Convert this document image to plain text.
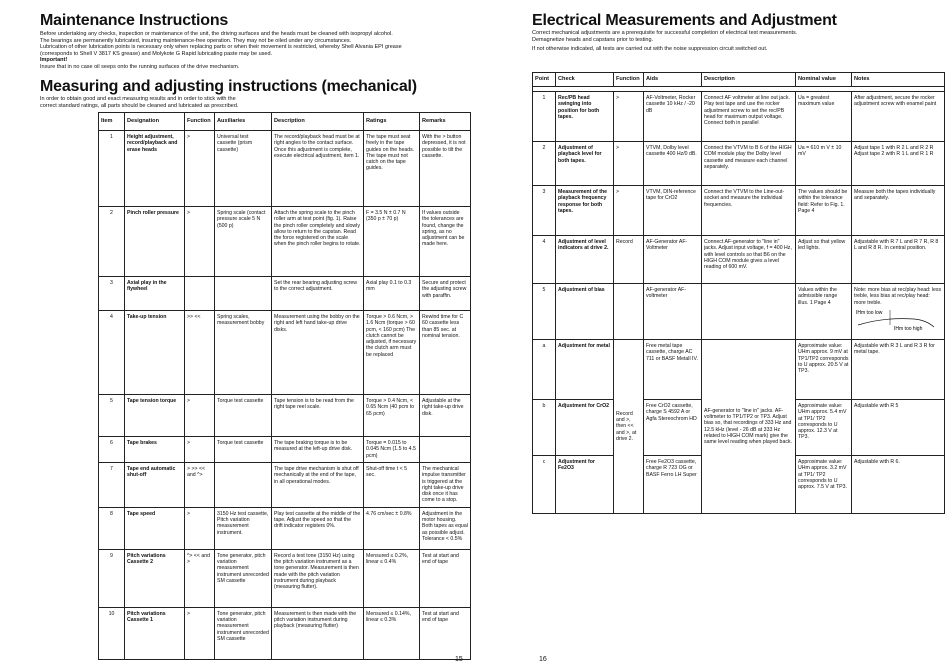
Maintenance Instructions

Before undertaking any checks, inspection or maintenance of the unit, the driving surfaces and the heads must be cleaned with isopropyl alcohol.

The bearings are permanently lubricated, insuring maintenance-free operation. They may not be oiled under any circumstances.

Lubrication of other lubrication points is necessary only when replacing parts or when their movement is restricted, whereby Shell Alvania EPI grease

(corresponds to Shell V 3817 KS grease) and Molykote G Rapid lubricating paste may be used.

Important!

Insure that in no case oil seeps onto the running surfaces of the drive mechanism.

Measuring and adjusting instructions (mechanical)

In order to obtain good and exact measuring results and in order to stick with the

correct standard ratings, all parts should be cleaned and lubricated as prescribed.

Item	Designation	Function	Auxiliaries	Description	Ratings	Remarks
1	Height adjustment, record/playback and erase heads	>	Universal test cassette (prism cassette)	The record/playback head must be at right angles to the contact surface. Once this adjustment is complete, execute electrical adjustment, item 1.	The tape must seat freely in the tape guides on the heads. The tape must not catch on the tape guides.	With the > button depressed, it is not possible to tilt the cassette.
2	Pinch roller pressure	>	Spring scale (contact pressure scale 5 N (500 p)	Attach the spring scale to the pinch roller arm at test point (fig. 1). Raise the pinch roller completely and slowly allow to return to the capstan. Read the force registered on the scale when the pinch roller begins to rotate.	F = 3.5 N ± 0.7 N (350 p ± 70 p)	If values outside the tolerances are found, change the spring, as no adjustment can be made here.
3	Axial play in the flywheel			Set the rear bearing adjusting screw to the correct adjustment.	Axial play 0.1 to 0.3 mm	Secure and protect the adjusting screw with paraffin.
4	Take-up tension	>> <<	Spring scales, measurement bobby	Measurement using the bobby on the right and left hand take-up drive disks.	Torque > 0.6 Ncm, > 1.6 Ncm (torque > 60 pcm, < 160 pcm) The clutch cannot be adjusted, if necessary the clutch arm must be replaced	Rewind time for C 60 cassette less than 85 sec. at nominal tension.
5	Tape tension torque	>	Torque test cassette	Tape tension is to be read from the right tape reel scale.	Torque > 0.4 Ncm, < 0.65 Ncm (40 pcm to 65 pcm)	Adjustable at the right take-up drive disk.
6	Tape brakes	>	Torque test cassette	The tape braking torque is to be measured at the left-up drive disk.	Torque = 0.015 to 0.045 Ncm (1.5 to 4.5 pcm)	
7	Tape end automatic shut-off	> >> << and ^>		The tape drive mechanism is shut off mechanically at the end of the tape, in all operational modes.	Shut-off time t < 5 sec.	The mechanical impulse transmitter is triggered at the right take-up drive disk once it has come to a stop.
8	Tape speed	>	3150 Hz test cassette, Pitch variation measurement instrument.	Play test cassette at the middle of the tape. Adjust the speed so that the drift indicator registers 0%.	4.76 cm/sec ± 0.8%	Adjustment in the motor housing. Both tapes as equal as possible adjust. Tolerance < 0.5%
9	Pitch variations Cassette 2	^> << and >	Tone generator, pitch variation measurement instrument unrecorded SM cassette	Record a test tone (3150 Hz) using the pitch variation instrument as a tone generator. Measurement is then made with the pitch variation instrument during playback (measuring flutter).	Mensured ≤ 0.2%, linear ≤ 0.4%	Test at start and end of tape
10	Pitch variations Cassette 1	>	Tone generator, pitch variation measurement instrument unrecorded SM cassette	Measurement is then made with the pitch variation instrument during playback (measuring flutter)	Mensured ≤ 0.14%, linear ≤ 0.3%	Test at start and end of tape
15
Electrical Measurements and Adjustment

Correct mechanical adjustments are a prerequisite for successful completion of electrical test measurements.

Demagnetize heads and capstans prior to testing.

If not otherwise indicated, all tests are carried out with the noise suppression circuit switched out.

Point	Check	Function	Aids	Description	Nominal value	Notes

1	Rec/PB head swinging into position for both tapes.	>	AF-Voltmeter, Rocker cassette 10 kHz / -20 dB	Connect AF voltmeter at line out jack. Play test tape and use the rocker adjustment screw to set the rec/PB head for maximum output voltage. Connect both in parallel	Ua = greatest maximum value	After adjustment, secure the rocker adjustment screw with enamel paint
2	Adjustment of playback level for both tapes.	>	VTVM, Dolby level cassette 400 Hz/0 dB.	Connect the VTVM to B 6 of the HIGH COM module play the Dolby level cassette and measure each channel separately.	Ua = 610 m V ± 10 mV	Adjust tape 1 with R 2 L and R 2 R Adjust tape 2 with R 1 L and R 1 R
3	Measurement of the playback frequency response for both tapes.	>	VTVM, DIN-reference tape for CrO2	Connect the VTVM to the Line-out-socket and measure the individual frequencies.	The values should be within the tolerance field: Refer to Fig. 1. Page 4	Measure both the tapes individually and separately.
4	Adjustment of level indicators at drive 2.	Record	AF-Generator AF-Voltmeter	Connect AF-generator to "line in" jacks. Adjust input voltage, f = 400 Hz, with level controls so that B6 on the HIGH COM module gives a level reading of 600 mV.	Adjust so that yellow led lights.	Adjustable with R 7 L and R 7 R, R 8 L and R 8 R. In central position.
5	Adjustment of bias		AF-generator AF-voltmeter		Values within the admissible range illus. 1 Page 4	Note: more bias at rec/play head: less treble, less bias at rec/play head: more treble.
IHm too low
IHm too high

a	Adjustment for metal	Record and >, then << and >, at drive 2.	Free metal tape cassette, charge AC 711 or BASF Metall IV.	AF-generator to "line in" jacks. AF-voltmeter to TP1/TP2 or TP3. Adjust bias so, that recordings of 333 Hz and 12.5 kHz (level - 26 dB at 333 Hz related to HIGH COM mark) give the same level reading when played back.	Approximate value: UHm approx. 9 mV at TP1/TP2 corresponds to U approx. 20.5 V at TP3.	Adjustable with R 3 L and R 3 R for metal tape.
b	Adjustment for CrO2		Free CrO2 cassette, charge S 4592 A or Agfa Stereochrom HD		Approximate value: UHm approx. 5.4 mV at TP1/ TP2 corresponds to U approx. 12.3 V at TP3.	Adjustable with R 5
c	Adjustment for Fe2O3		Free Fe2O3 cassette, charge R 723 OG or BASF Ferro LH Super		Approximate value: UHm approx. 3.2 mV at TP1/ TP2 corresponds to U approx. 7.5 V at TP3.	Adjustable with R 6.
16
